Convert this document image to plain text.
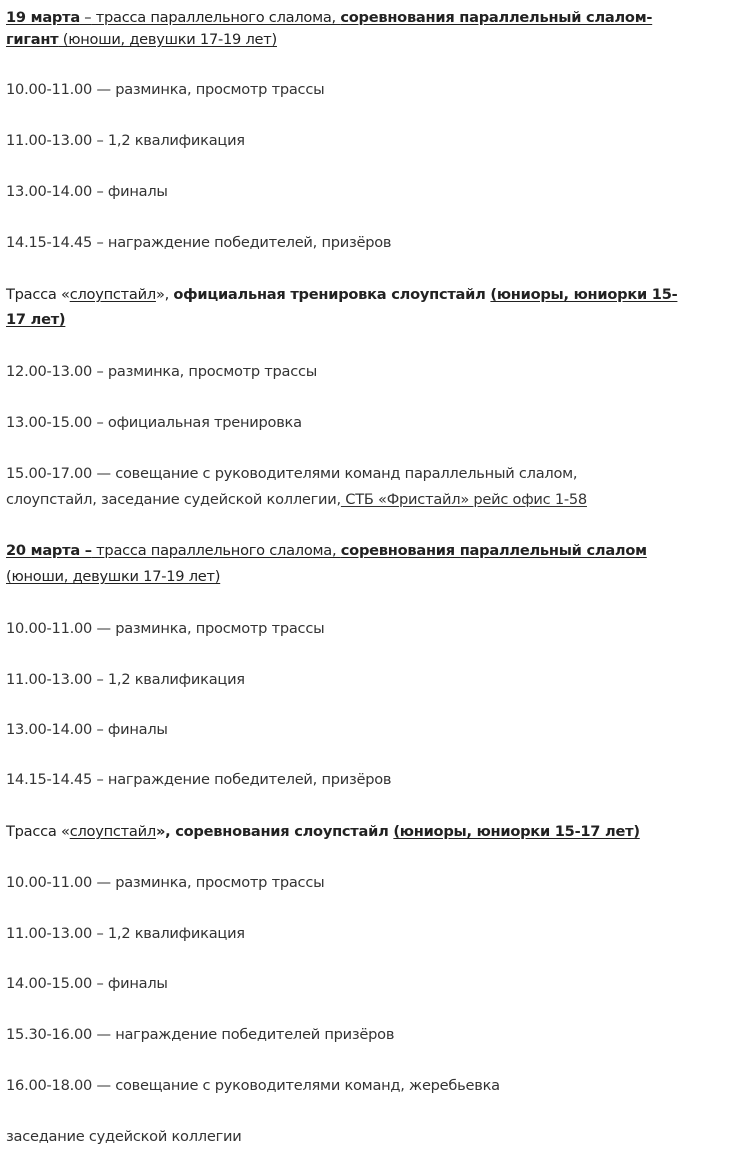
19 марта – трасса параллельного слалома, соревнования параллельный слалом-

гигант (юноши, девушки 17-19 лет)

10.00-11.00 — разминка, просмотр трассы

11.00-13.00 – 1,2 квалификация

13.00-14.00 – финалы

14.15-14.45 – награждение победителей, призёров

Трасса «слоупстайл», официальная тренировка слоупстайл (юниоры, юниорки 15-

17 лет)

12.00-13.00 – разминка, просмотр трассы

13.00-15.00 – официальная тренировка

15.00-17.00 — совещание с руководителями команд параллельный слалом,

слоупстайл, заседание судейской коллегии, СТБ «Фристайл» рейс офис 1-58

20 марта – трасса параллельного слалома, соревнования параллельный слалом

(юноши, девушки 17-19 лет)

10.00-11.00 — разминка, просмотр трассы

11.00-13.00 – 1,2 квалификация

13.00-14.00 – финалы

14.15-14.45 – награждение победителей, призёров

Трасса «слоупстайл», соревнования слоупстайл (юниоры, юниорки 15-17 лет)

10.00-11.00 — разминка, просмотр трассы

11.00-13.00 – 1,2 квалификация

14.00-15.00 – финалы

15.30-16.00 — награждение победителей призёров

16.00-18.00 — совещание с руководителями команд, жеребьевка

заседание судейской коллегии
